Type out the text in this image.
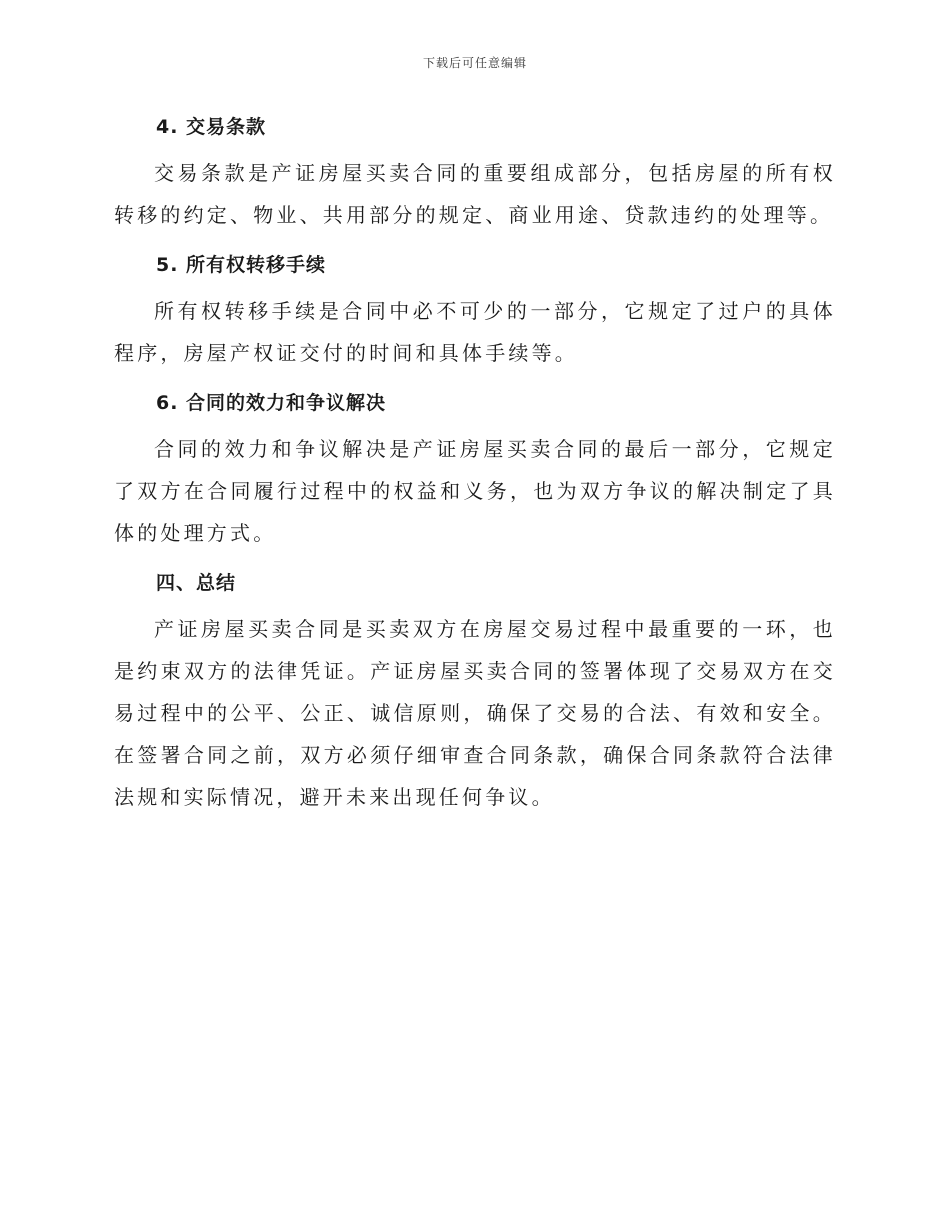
下载后可任意编辑
4. 交易条款

交易条款是产证房屋买卖合同的重要组成部分，包括房屋的所有权转移的约定、物业、共用部分的规定、商业用途、贷款违约的处理等。

5. 所有权转移手续

所有权转移手续是合同中必不可少的一部分，它规定了过户的具体程序，房屋产权证交付的时间和具体手续等。

6. 合同的效力和争议解决

合同的效力和争议解决是产证房屋买卖合同的最后一部分，它规定了双方在合同履行过程中的权益和义务，也为双方争议的解决制定了具体的处理方式。

四、总结

产证房屋买卖合同是买卖双方在房屋交易过程中最重要的一环，也是约束双方的法律凭证。产证房屋买卖合同的签署体现了交易双方在交易过程中的公平、公正、诚信原则，确保了交易的合法、有效和安全。在签署合同之前，双方必须仔细审查合同条款，确保合同条款符合法律法规和实际情况，避开未来出现任何争议。
